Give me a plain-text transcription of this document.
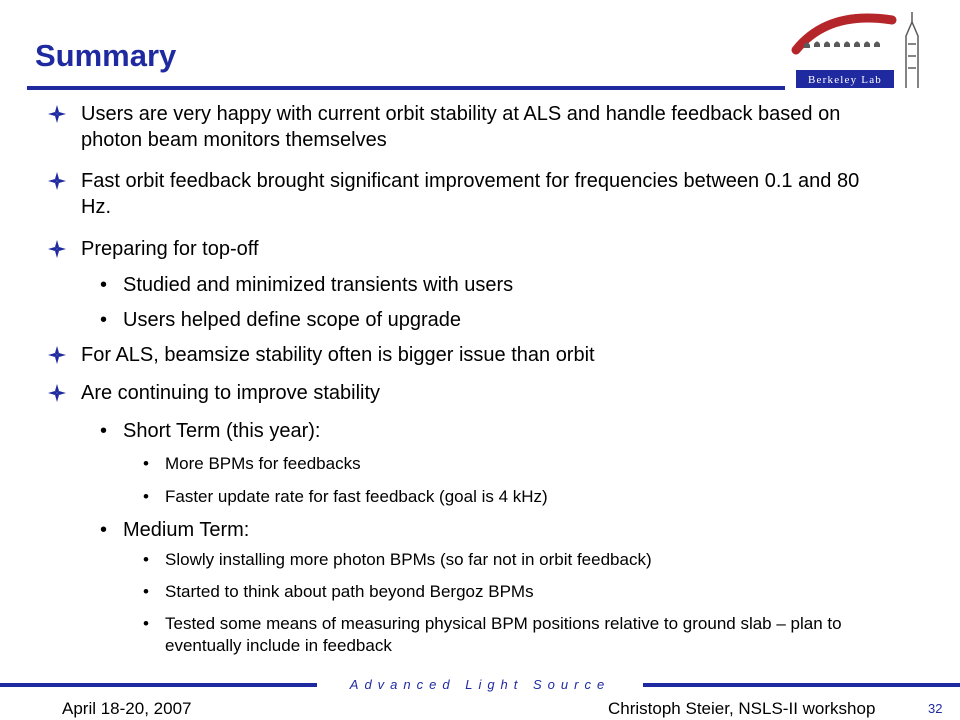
Summary
Berkeley Lab
Users are very happy with current orbit stability at ALS and handle feedback based on photon beam monitors themselves
Fast orbit feedback brought significant improvement for frequencies between 0.1 and 80 Hz.
Preparing for top-off
• Studied and minimized transients with users
• Users helped define scope of upgrade
For ALS, beamsize stability often is bigger issue than orbit
Are continuing to improve stability
• Short Term (this year):
• More BPMs for feedbacks
• Faster update rate for fast feedback (goal is 4 kHz)
• Medium Term:
• Slowly installing more photon BPMs (so far not in orbit feedback)
• Started to think about path beyond Bergoz BPMs
• Tested some means of measuring physical BPM positions relative to ground slab – plan to eventually include in feedback
Advanced Light Source
April 18-20, 2007	Christoph Steier, NSLS-II workshop	32
